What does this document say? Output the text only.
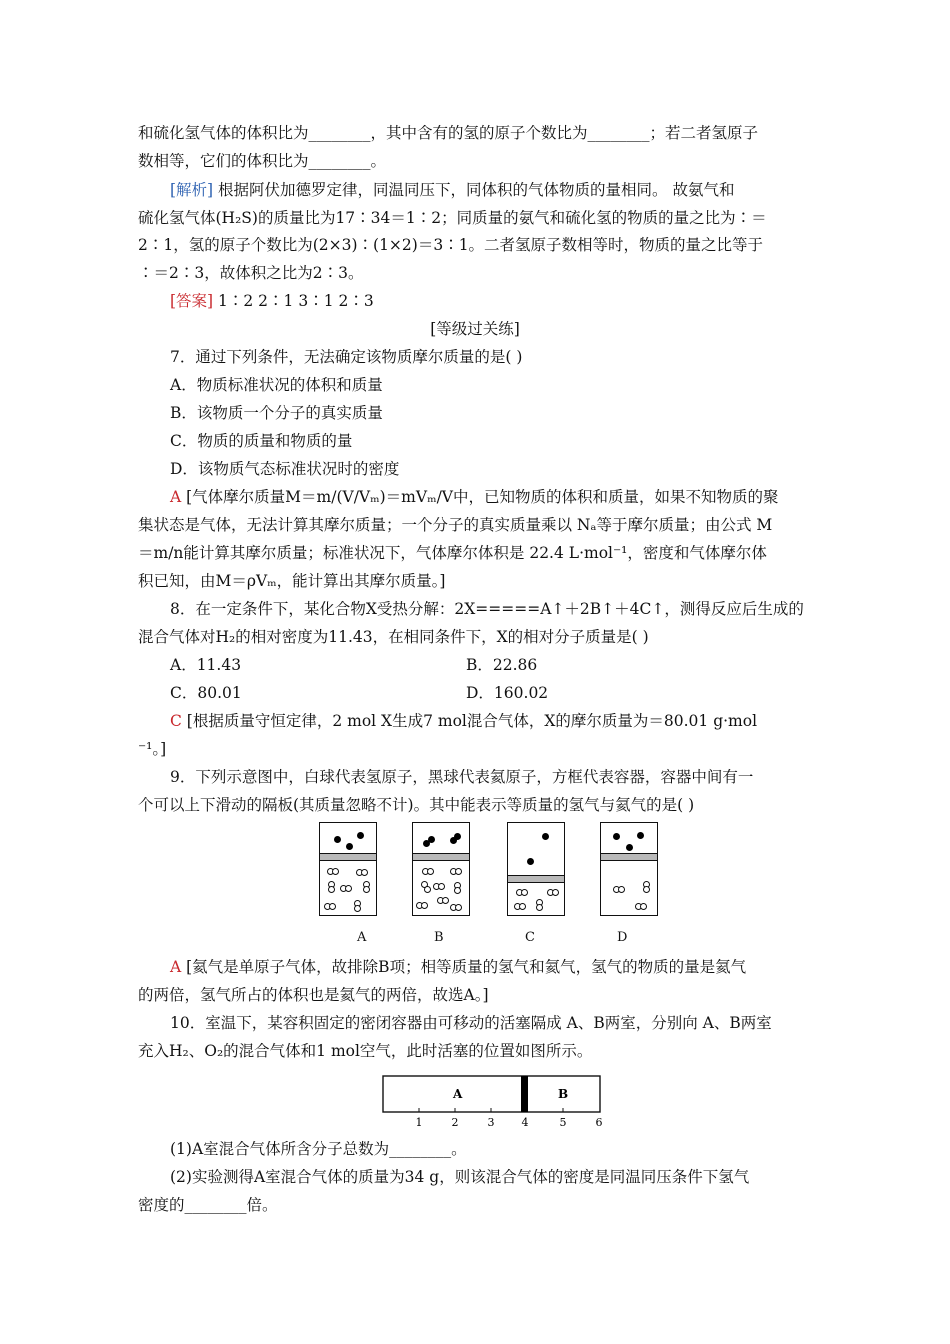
和硫化氢气体的体积比为________，其中含有的氢的原子个数比为________；若二者氢原子
数相等，它们的体积比为________。
[解析] 根据阿伏加德罗定律，同温同压下，同体积的气体物质的量相同。 故氨气和
硫化氢气体(H₂S)的质量比为17∶34＝1∶2；同质量的氨气和硫化氢的物质的量之比为∶＝
2∶1，氢的原子个数比为(2×3)∶(1×2)＝3∶1。二者氢原子数相等时，物质的量之比等于
∶＝2∶3，故体积之比为2∶3。
[答案] 1∶2 2∶1 3∶1 2∶3
[等级过关练]
7．通过下列条件，无法确定该物质摩尔质量的是( )
A．物质标准状况的体积和质量
B．该物质一个分子的真实质量
C．物质的质量和物质的量
D．该物质气态标准状况时的密度
A [气体摩尔质量M＝m/(V/Vₘ)＝mVₘ/V中，已知物质的体积和质量，如果不知物质的聚
集状态是气体，无法计算其摩尔质量；一个分子的真实质量乘以 Nₐ等于摩尔质量；由公式 M
＝m/n能计算其摩尔质量；标准状况下，气体摩尔体积是 22.4 L·mol⁻¹，密度和气体摩尔体
积已知，由M＝ρVₘ，能计算出其摩尔质量。]
8．在一定条件下，某化合物X受热分解：2X=====A↑＋2B↑＋4C↑，测得反应后生成的
混合气体对H₂的相对密度为11.43，在相同条件下，X的相对分子质量是( )
A．11.43	B．22.86
C．80.01	D．160.02
C [根据质量守恒定律，2 mol X生成7 mol混合气体，X的摩尔质量为＝80.01 g·mol
⁻¹。]
9．下列示意图中，白球代表氢原子，黑球代表氦原子，方框代表容器，容器中间有一
个可以上下滑动的隔板(其质量忽略不计)。其中能表示等质量的氢气与氦气的是( )
A	B	C	D
A [氦气是单原子气体，故排除B项；相等质量的氢气和氦气，氢气的物质的量是氦气
的两倍，氢气所占的体积也是氦气的两倍，故选A。]
10．室温下，某容积固定的密闭容器由可移动的活塞隔成 A、B两室，分别向 A、B两室
充入H₂、O₂的混合气体和1 mol空气，此时活塞的位置如图所示。
A	B
1	2	3 4	5	6
(1)A室混合气体所含分子总数为________。
(2)实验测得A室混合气体的质量为34 g，则该混合气体的密度是同温同压条件下氢气
密度的________倍。
